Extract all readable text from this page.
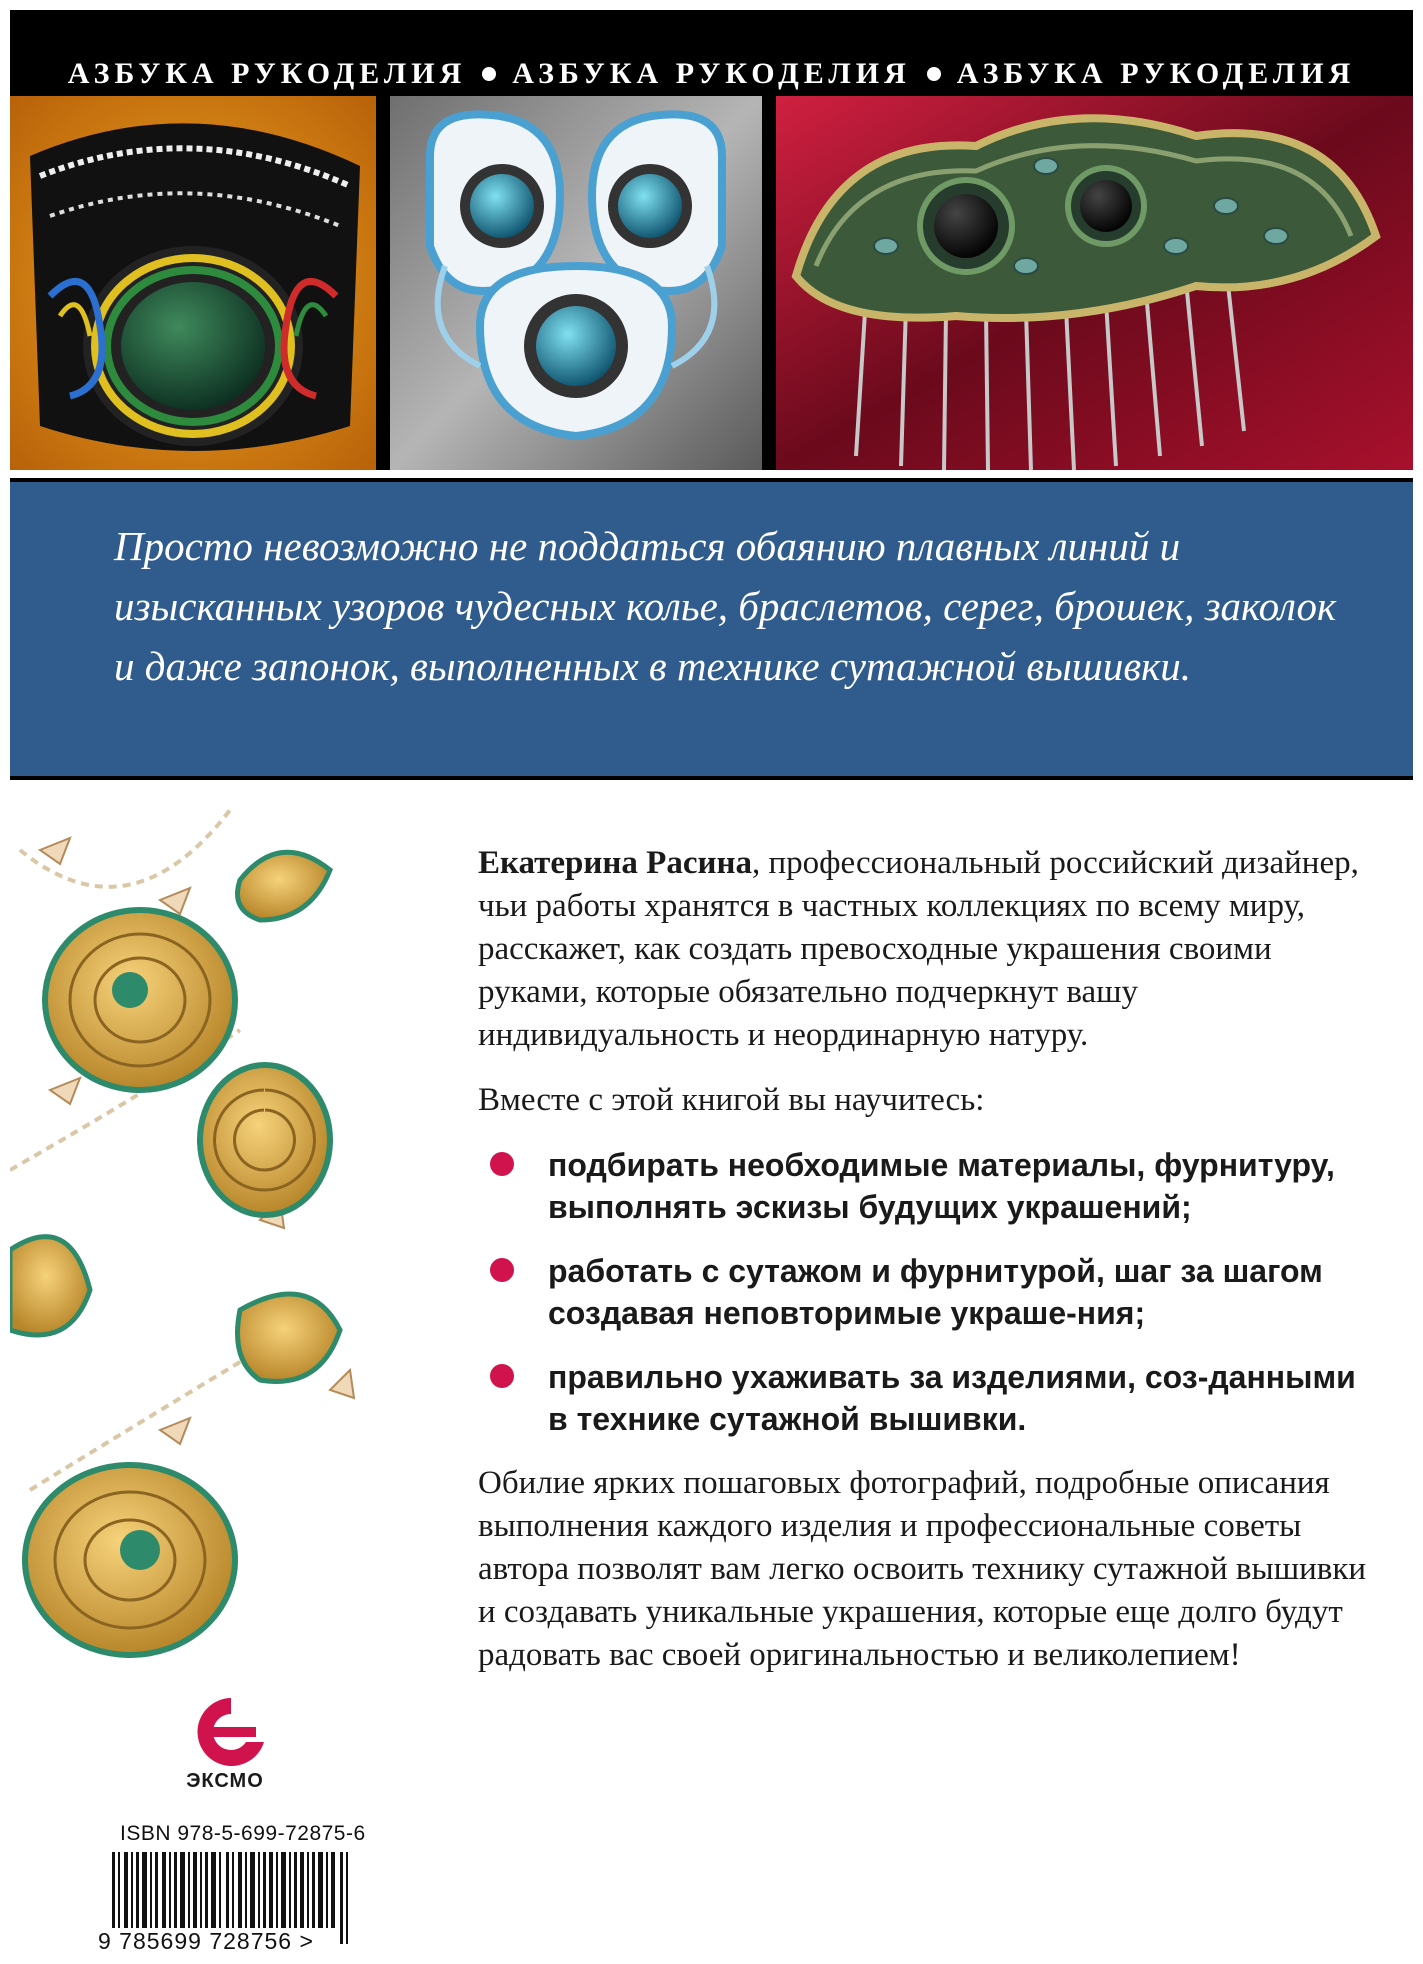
АЗБУКА РУКОДЕЛИЯ АЗБУКА РУКОДЕЛИЯ АЗБУКА РУКОДЕЛИЯ
Просто невозможно не поддаться обаянию плавных линий и изысканных узоров чудесных колье, браслетов, серег, брошек, заколок и даже запонок, выполненных в технике сутажной вышивки.

Екатерина Расина, профессиональный российский дизайнер, чьи работы хранятся в частных коллекциях по всему миру, расскажет, как создать превосходные украшения своими руками, которые обязательно подчеркнут вашу индивидуальность и неординарную натуру.

Вместе с этой книгой вы научитесь:

подбирать необходимые материалы, фурнитуру, выполнять эскизы будущих украшений;
работать с сутажом и фурнитурой, шаг за шагом создавая неповторимые украше-ния;
правильно ухаживать за изделиями, соз-данными в технике сутажной вышивки.

Обилие ярких пошаговых фотографий, подробные описания выполнения каждого изделия и профессиональные советы автора позволят вам легко освоить технику сутажной вышивки и создавать уникальные украшения, которые еще долго будут радовать вас своей оригинальностью и великолепием!

ЭКСМО
ISBN 978-5-699-72875-6
9 785699 728756 >
